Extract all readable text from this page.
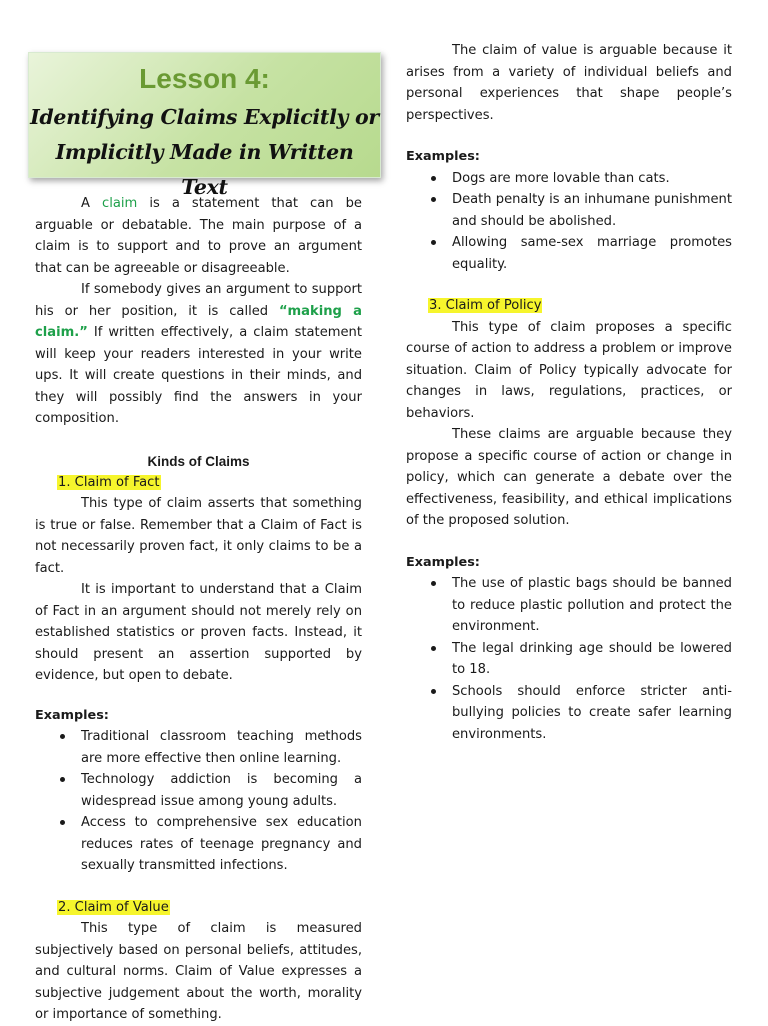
Lesson 4:
Identifying Claims Explicitly or
Implicitly Made in Written Text

A claim is a statement that can be arguable or debatable. The main purpose of a claim is to support and to prove an argument that can be agreeable or disagreeable.

If somebody gives an argument to support his or her position, it is called “making a claim.” If written effectively, a claim statement will keep your readers interested in your write ups. It will create questions in their minds, and they will possibly find the answers in your composition.

Kinds of Claims
1. Claim of Fact

This type of claim asserts that something is true or false. Remember that a Claim of Fact is not necessarily proven fact, it only claims to be a fact.

It is important to understand that a Claim of Fact in an argument should not merely rely on established statistics or proven facts. Instead, it should present an assertion supported by evidence, but open to debate.

Examples:
Traditional classroom teaching methods are more effective then online learning.
Technology addiction is becoming a widespread issue among young adults.
Access to comprehensive sex education reduces rates of teenage pregnancy and sexually transmitted infections.
2. Claim of Value

This type of claim is measured subjectively based on personal beliefs, attitudes, and cultural norms. Claim of Value expresses a subjective judgement about the worth, morality or importance of something.

The claim of value is arguable because it arises from a variety of individual beliefs and personal experiences that shape people’s perspectives.

Examples:
Dogs are more lovable than cats.
Death penalty is an inhumane punishment and should be abolished.
Allowing same-sex marriage promotes equality.
3. Claim of Policy

This type of claim proposes a specific course of action to address a problem or improve situation. Claim of Policy typically advocate for changes in laws, regulations, practices, or behaviors.

These claims are arguable because they propose a specific course of action or change in policy, which can generate a debate over the effectiveness, feasibility, and ethical implications of the proposed solution.

Examples:
The use of plastic bags should be banned to reduce plastic pollution and protect the environment.
The legal drinking age should be lowered to 18.
Schools should enforce stricter anti-bullying policies to create safer learning environments.
